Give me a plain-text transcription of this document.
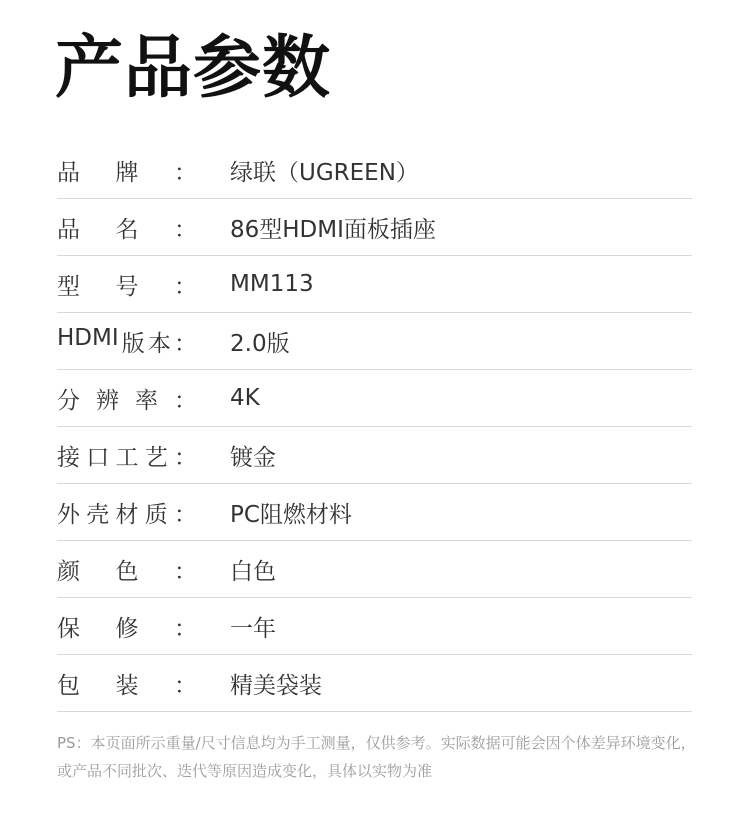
产品参数
品 牌 ： 绿联（UGREEN）
品 名 ： 86型HDMI面板插座
型 号 ： MM113
HDMI 版 本 ： 2.0版
分 辨 率 ： 4K
接 口 工 艺 ： 镀金
外 壳 材 质 ： PC阻燃材料
颜 色 ： 白色
保 修 ： 一年
包 装 ： 精美袋装

PS：本页面所示重量/尺寸信息均为手工测量，仅供参考。实际数据可能会因个体差异环境变化，或产品不同批次、迭代等原因造成变化，具体以实物为准
